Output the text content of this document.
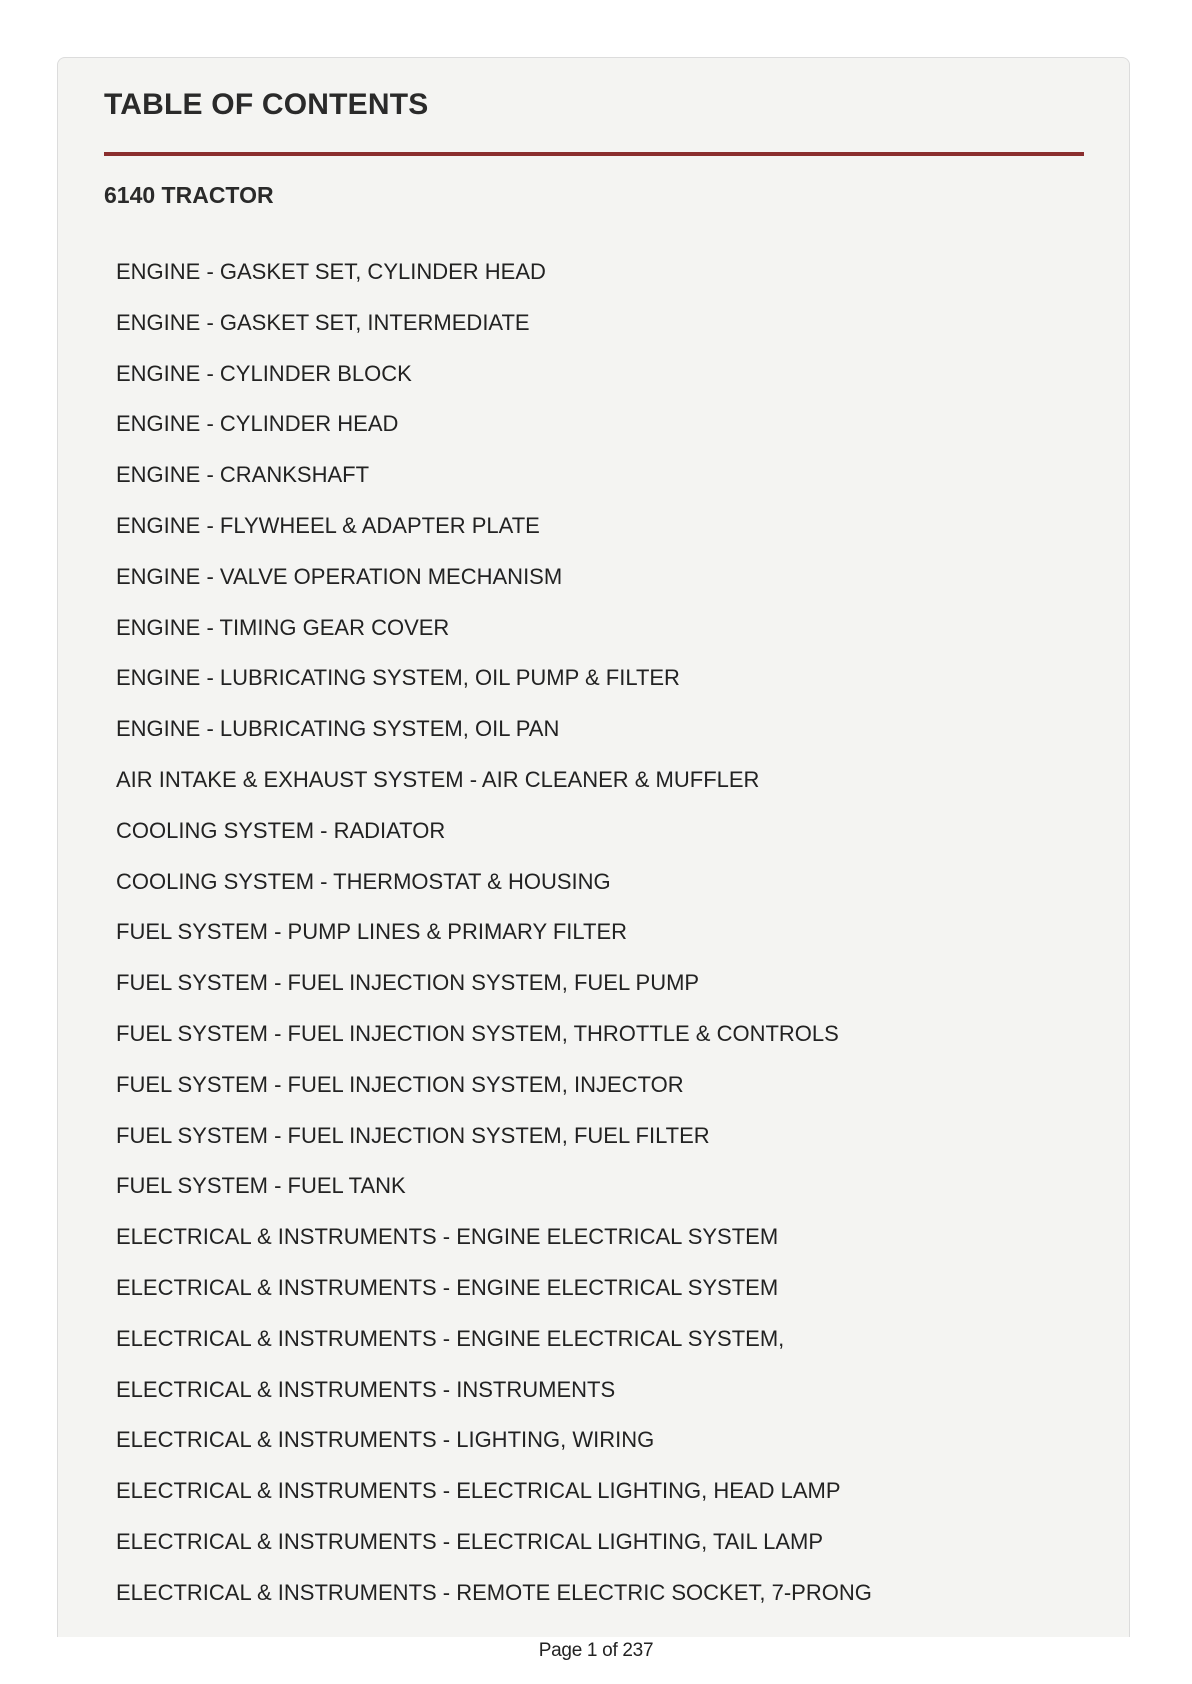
TABLE OF CONTENTS
6140 TRACTOR
ENGINE - GASKET SET, CYLINDER HEAD
ENGINE - GASKET SET, INTERMEDIATE
ENGINE - CYLINDER BLOCK
ENGINE - CYLINDER HEAD
ENGINE - CRANKSHAFT
ENGINE - FLYWHEEL & ADAPTER PLATE
ENGINE - VALVE OPERATION MECHANISM
ENGINE - TIMING GEAR COVER
ENGINE - LUBRICATING SYSTEM, OIL PUMP & FILTER
ENGINE - LUBRICATING SYSTEM, OIL PAN
AIR INTAKE & EXHAUST SYSTEM - AIR CLEANER & MUFFLER
COOLING SYSTEM - RADIATOR
COOLING SYSTEM - THERMOSTAT & HOUSING
FUEL SYSTEM - PUMP LINES & PRIMARY FILTER
FUEL SYSTEM - FUEL INJECTION SYSTEM, FUEL PUMP
FUEL SYSTEM - FUEL INJECTION SYSTEM, THROTTLE & CONTROLS
FUEL SYSTEM - FUEL INJECTION SYSTEM, INJECTOR
FUEL SYSTEM - FUEL INJECTION SYSTEM, FUEL FILTER
FUEL SYSTEM - FUEL TANK
ELECTRICAL & INSTRUMENTS - ENGINE ELECTRICAL SYSTEM
ELECTRICAL & INSTRUMENTS - ENGINE ELECTRICAL SYSTEM
ELECTRICAL & INSTRUMENTS - ENGINE ELECTRICAL SYSTEM,
ELECTRICAL & INSTRUMENTS - INSTRUMENTS
ELECTRICAL & INSTRUMENTS - LIGHTING, WIRING
ELECTRICAL & INSTRUMENTS - ELECTRICAL LIGHTING, HEAD LAMP
ELECTRICAL & INSTRUMENTS - ELECTRICAL LIGHTING, TAIL LAMP
ELECTRICAL & INSTRUMENTS - REMOTE ELECTRIC SOCKET, 7-PRONG
Page 1 of 237
